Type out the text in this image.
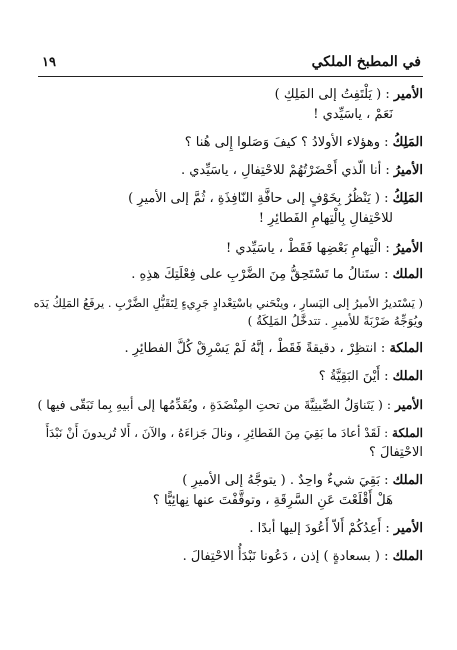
في المطبخ الملكي
١٩
الأمير : ( يَلْتَفِتُ إلى المَلِكِ )
نَعَمْ ، ياسَيِّدي !
المَلِكُ : وهؤلاء الأولادُ ؟ كيفَ وَصَلوا إِلى هُنا ؟
الأميرُ : أنا الّذي أَحْضَرْتُهُمْ للاحْتِفالِ ، ياسَيِّدي .
المَلِكُ : ( يَنْظُرُ بِخَوْفٍ إلى حافَّةِ النّافِذَةِ ، ثُمَّ إلى الأميرِ )
للاحْتِفالِ بِالْتِهامِ الفَطائِرِ !
الأميرُ : الْتِهامِ بَعْضِها فَقَطْ ، ياسَيِّدي !
الملك : ستَنالُ ما تَسْتَحِقُّ مِنَ الضَّرْبِ على فِعْلَتِكَ هذِهِ .
( يَسْتَديرُ الأميرُ إلى اليَسارِ ، وينْحَني باسْتِعْدادٍ جَرِيءٍ لِتَقَبُّلِ الضَّرْبِ . يرفَعُ المَلِكُ يَدَه
ويُوَجِّهُ ضَرْبَةً للأميرِ . تتدخَّلُ المَلِكَةُ )
الملكة : انتظِرْ ، دقيقةً فَقَطْ ، إنَّهُ لَمْ يَسْرِقْ كُلَّ الفطائِرِ .
الملك : أَيْنَ البَقِيَّةُ ؟
الأمير : ( يَتَناوَلُ الصِّينِيَّةَ من تحتِ المِنْضَدَةِ ، ويُقَدِّمُها إلى أبيهِ بِما تَبَقّى فيها )
الملكة : لَقَدْ أعادَ ما بَقِيَ مِنَ الفَطائِرِ ، ونالَ جَزاءَهُ ، والآنَ ، أَلا تُريدونَ أَنْ نَبْدَأَ
الاحْتِفالَ ؟
الملك : بَقِيَ شيءٌ واحِدٌ . ( يتوجَّهُ إلى الأميرِ )
هَلْ أَقْلَعْتَ عَنِ السَّرِقَةِ ، وتوقَّفْتَ عنها نِهائِيًّا ؟
الأمير : أَعِدُكُمْ أَلاّ أَعُودَ إليها أبدًا .
الملك : ( بسعادةٍ ) إذن ، دَعُونا نَبْدَأُ الاحْتِفالَ .
